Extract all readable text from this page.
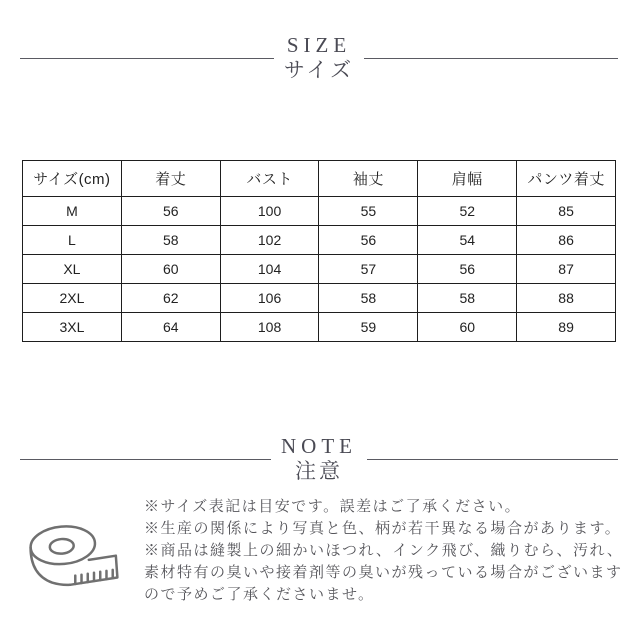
SIZE
サイズ
サイズ(cm)	着丈	バスト	袖丈	肩幅	パンツ着丈
M	56	100	55	52	85
L	58	102	56	54	86
XL	60	104	57	56	87
2XL	62	106	58	58	88
3XL	64	108	59	60	89
NOTE
注意
※サイズ表記は目安です。誤差はご了承ください。
※生産の関係により写真と色、柄が若干異なる場合があります。
※商品は縫製上の細かいほつれ、インク飛び、織りむら、汚れ、
素材特有の臭いや接着剤等の臭いが残っている場合がございます
ので予めご了承くださいませ。
